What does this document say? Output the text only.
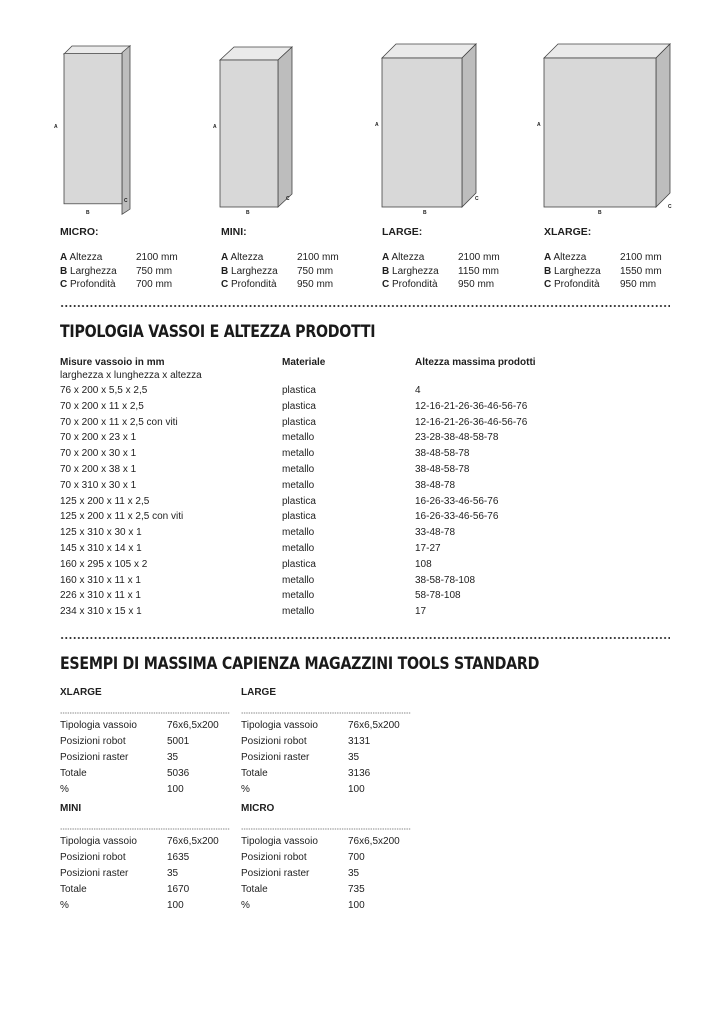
A
B
C
A
B
C
A
B
C
A
B
C
MICRO:
A Altezza	2100 mm
B Larghezza	750 mm
C Profondità	700 mm
MINI:
A Altezza	2100 mm
B Larghezza	750 mm
C Profondità	950 mm
LARGE:
A Altezza	2100 mm
B Larghezza	1150 mm
C Profondità	950 mm
XLARGE:
A Altezza	2100 mm
B Larghezza	1550 mm
C Profondità	950 mm
TIPOLOGIA VASSOI E ALTEZZA PRODOTTI
Misure vassoio in mm	Materiale	Altezza massima prodotti
larghezza x lunghezza x altezza
76 x 200 x 5,5 x 2,5	plastica	4
70 x 200 x 11 x 2,5	plastica	12-16-21-26-36-46-56-76
70 x 200 x 11 x 2,5 con viti	plastica	12-16-21-26-36-46-56-76
70 x 200 x 23 x 1	metallo	23-28-38-48-58-78
70 x 200 x 30 x 1	metallo	38-48-58-78
70 x 200 x 38 x 1	metallo	38-48-58-78
70 x 310 x 30 x 1	metallo	38-48-78
125 x 200 x 11 x 2,5	plastica	16-26-33-46-56-76
125 x 200 x 11 x 2,5 con viti	plastica	16-26-33-46-56-76
125 x 310 x 30 x 1	metallo	33-48-78
145 x 310 x 14 x 1	metallo	17-27
160 x 295 x 105 x 2	plastica	108
160 x 310 x 11 x 1	metallo	38-58-78-108
226 x 310 x 11 x 1	metallo	58-78-108
234 x 310 x 15 x 1	metallo	17
ESEMPI DI MASSIMA CAPIENZA MAGAZZINI TOOLS STANDARD
XLARGE
Tipologia vassoio	76x6,5x200
Posizioni robot	5001
Posizioni raster	35
Totale	5036
%	100
LARGE
Tipologia vassoio	76x6,5x200
Posizioni robot	3131
Posizioni raster	35
Totale	3136
%	100
MINI
Tipologia vassoio	76x6,5x200
Posizioni robot	1635
Posizioni raster	35
Totale	1670
%	100
MICRO
Tipologia vassoio	76x6,5x200
Posizioni robot	700
Posizioni raster	35
Totale	735
%	100
